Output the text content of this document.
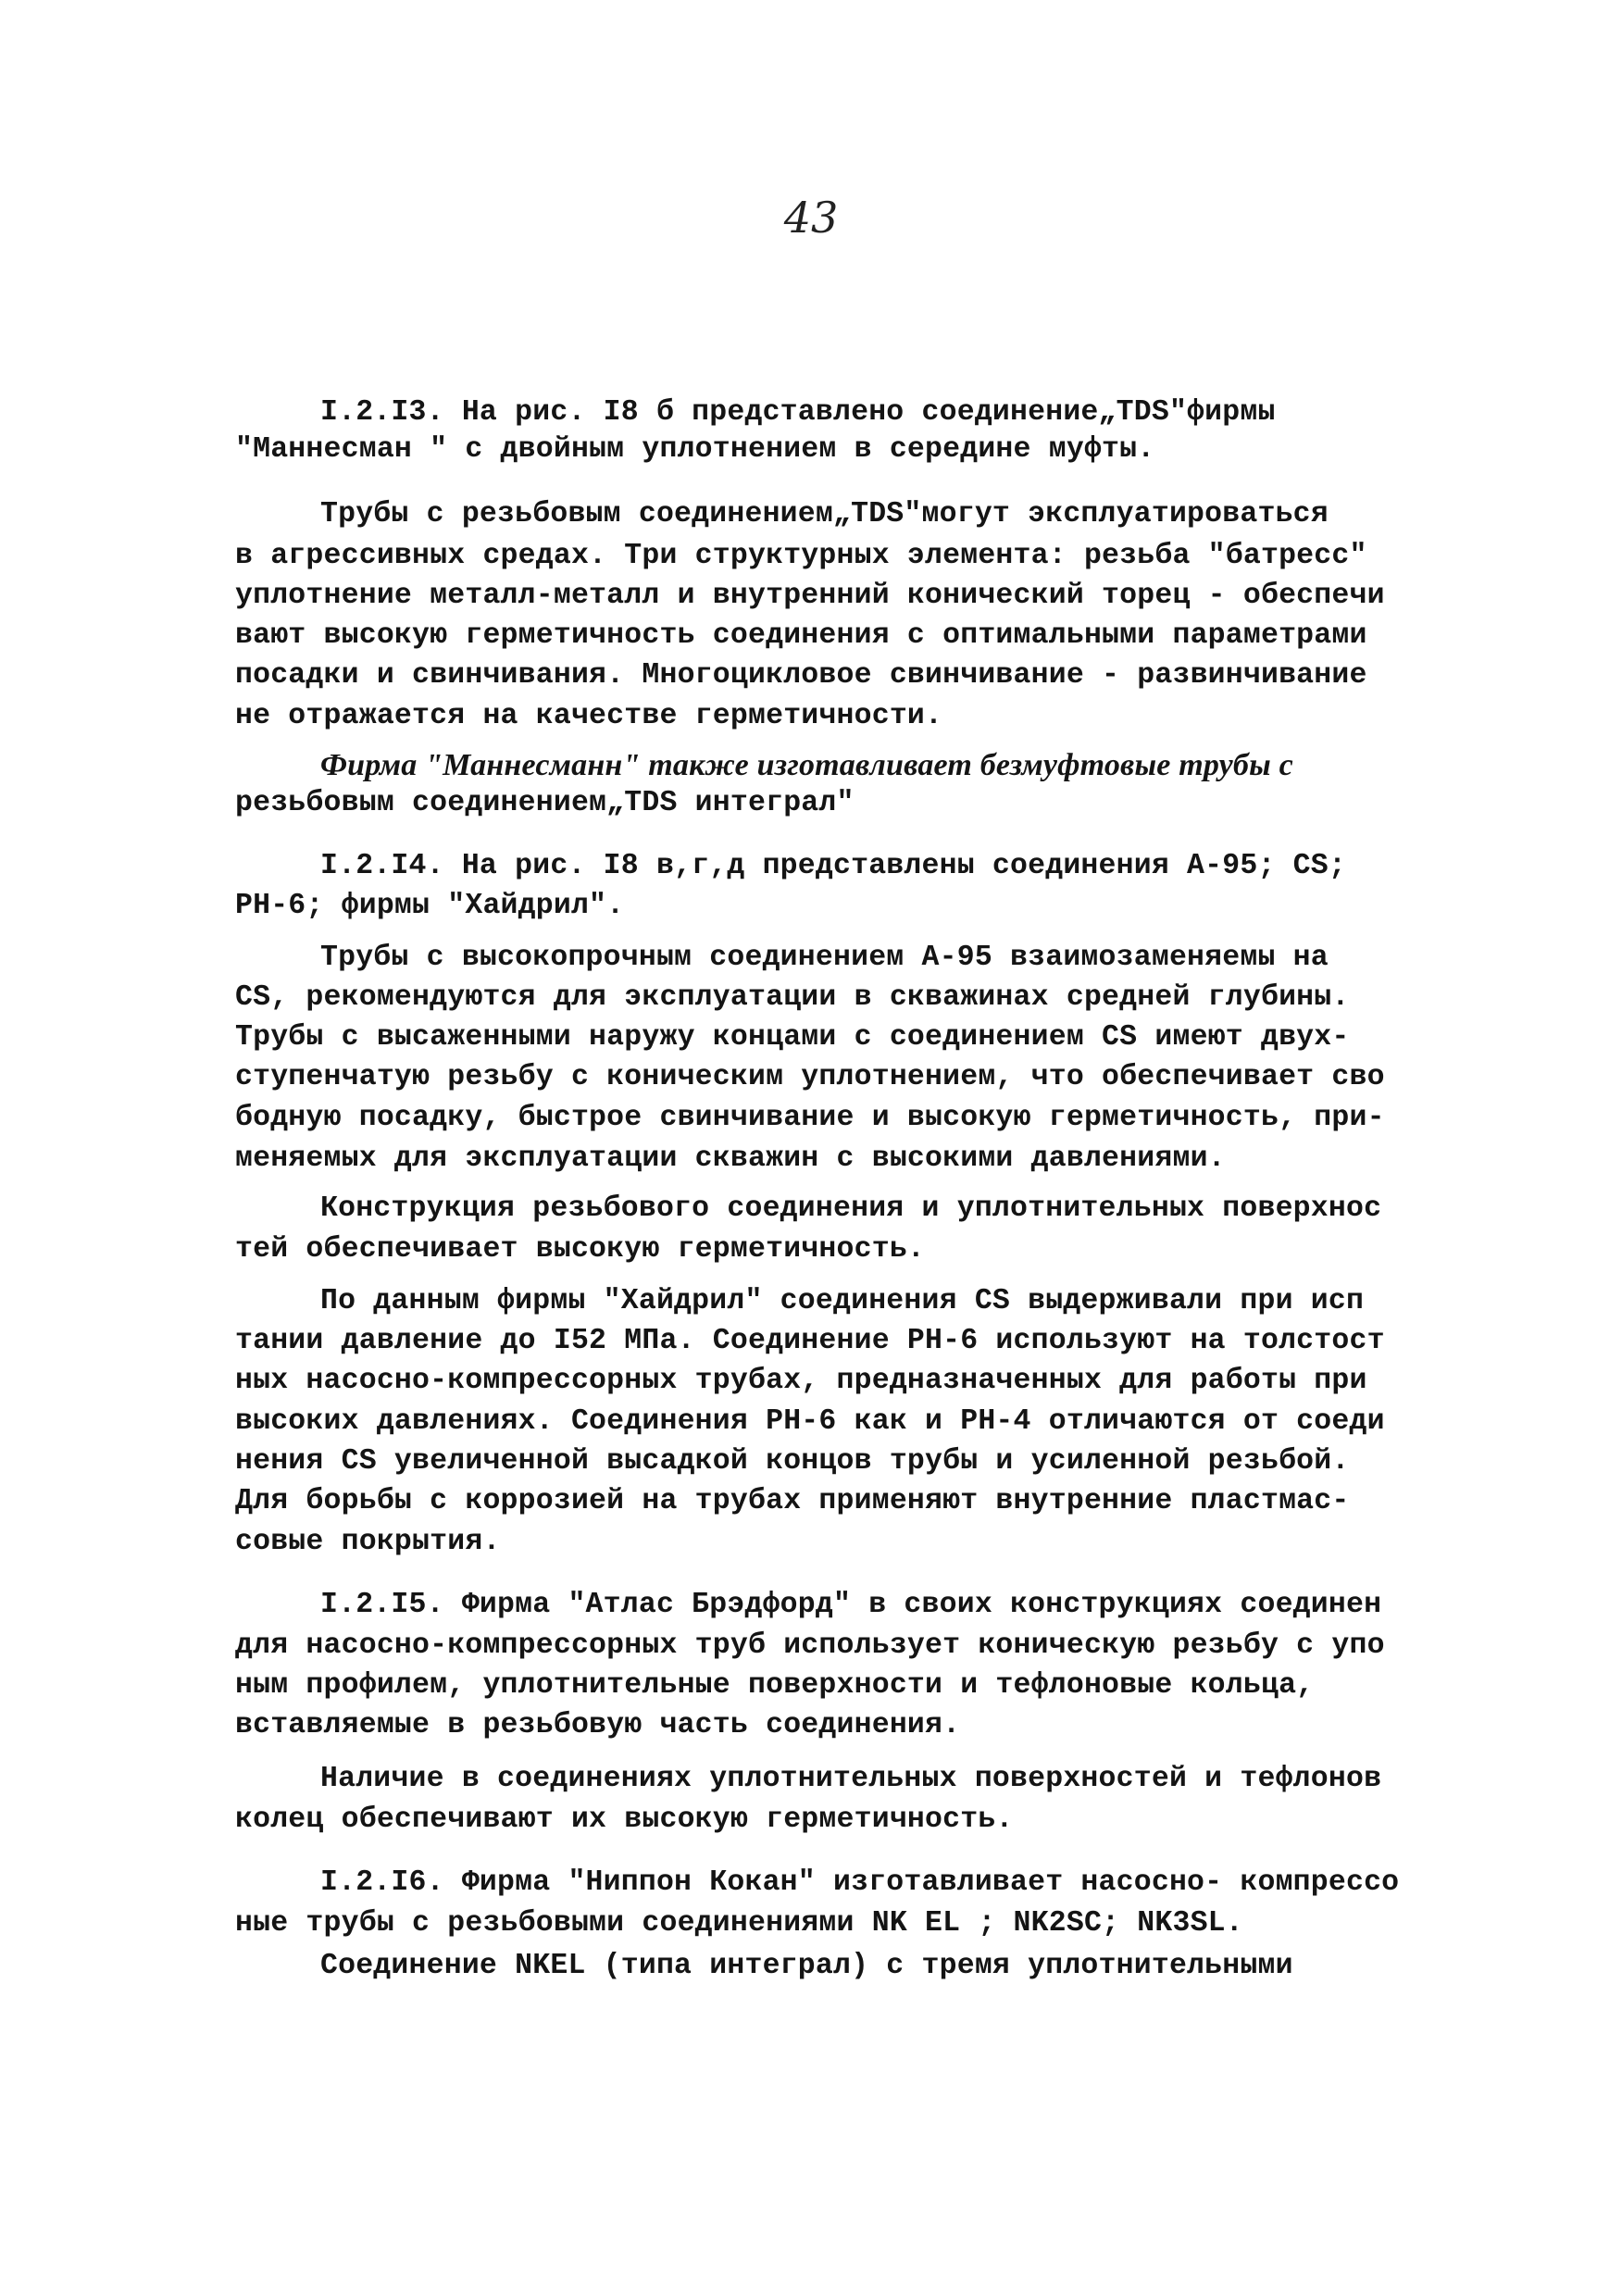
43
I.2.I3. На рис. I8 б представлено соединение„TDS"фирмы
"Маннесман " с двойным уплотнением в середине муфты.
Трубы с резьбовым соединением„TDS"могут эксплуатироваться
в агрессивных средах. Три структурных элемента: резьба "батресс"
уплотнение металл-металл и внутренний конический торец - обеспечи
вают высокую герметичность соединения с оптимальными параметрами
посадки и свинчивания. Многоцикловое свинчивание - развинчивание
не отражается на качестве герметичности.
Фирма "Маннесманн" также изготавливает безмуфтовые трубы с
резьбовым соединением„TDS интеграл"
I.2.I4. На рис. I8 в,г,д представлены соединения А-95; CS;
PH-6; фирмы "Хайдрил".
Трубы с высокопрочным соединением А-95 взаимозаменяемы на
CS, рекомендуются для эксплуатации в скважинах средней глубины.
Трубы с высаженными наружу концами с соединением CS имеют двух-
ступенчатую резьбу с коническим уплотнением, что обеспечивает сво
бодную посадку, быстрое свинчивание и высокую герметичность, при-
меняемых для эксплуатации скважин с высокими давлениями.
Конструкция резьбового соединения и уплотнительных поверхнос
тей обеспечивает высокую герметичность.
По данным фирмы "Хайдрил" соединения CS выдерживали при исп
тании давление до I52 МПа. Соединение PH-6 используют на толстост
ных насосно-компрессорных трубах, предназначенных для работы при
высоких давлениях. Соединения PH-6 как и PH-4 отличаются от соеди
нения CS увеличенной высадкой концов трубы и усиленной резьбой.
Для борьбы с коррозией на трубах применяют внутренние пластмас-
совые покрытия.
I.2.I5. Фирма "Атлас Брэдфорд" в своих конструкциях соединен
для насосно-компрессорных труб использует коническую резьбу с упо
ным профилем, уплотнительные поверхности и тефлоновые кольца,
вставляемые в резьбовую часть соединения.
Наличие в соединениях уплотнительных поверхностей и тефлонов
колец обеспечивают их высокую герметичность.
I.2.I6. Фирма "Ниппон Кокан" изготавливает насосно- компрессо
ные трубы с резьбовыми соединениями NK EL ; NK2SC; NK3SL.
Соединение NKEL (типа интеграл) с тремя уплотнительными
